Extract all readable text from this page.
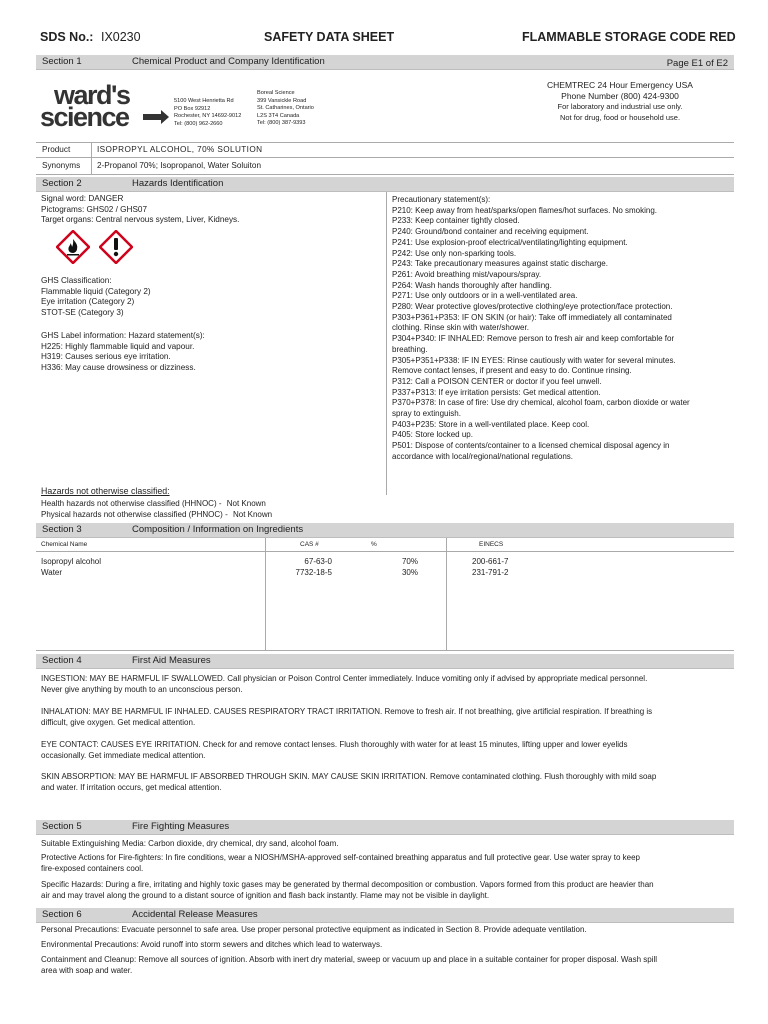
SDS No.: IX0230	SAFETY DATA SHEET	FLAMMABLE STORAGE CODE RED
Section 1	Chemical Product and Company Identification	Page E1 of E2
ward's
science
5100 West Henrietta Rd
PO Box 92912
Rochester, NY 14692-9012
Tel: (800) 962-2660
Boreal Science
399 Vansickle Road
St. Catharines, Ontario
L2S 3T4 Canada
Tel: (800) 387-9393
CHEMTREC 24 Hour Emergency USA
Phone Number (800) 424-9300
For laboratory and industrial use only.
Not for drug, food or household use.
Product	ISOPROPYL ALCOHOL, 70% SOLUTION
Synonyms 2-Propanol 70%; Isopropanol, Water Soluiton
Section 2	Hazards Identification
Signal word: DANGER
Pictograms: GHS02 / GHS07
Target organs: Central nervous system, Liver, Kidneys.
GHS Classification:
Flammable liquid (Category 2)
Eye irritation (Category 2)
STOT-SE (Category 3)
GHS Label information: Hazard statement(s):
H225: Highly flammable liquid and vapour.
H319: Causes serious eye irritation.
H336: May cause drowsiness or dizziness.
Precautionary statement(s):
P210: Keep away from heat/sparks/open flames/hot surfaces. No smoking.
P233: Keep container tightly closed.
P240: Ground/bond container and receiving equipment.
P241: Use explosion-proof electrical/ventilating/lighting equipment.
P242: Use only non-sparking tools.
P243: Take precautionary measures against static discharge.
P261: Avoid breathing mist/vapours/spray.
P264: Wash hands thoroughly after handling.
P271: Use only outdoors or in a well-ventilated area.
P280: Wear protective gloves/protective clothing/eye protection/face protection.
P303+P361+P353: IF ON SKIN (or hair): Take off immediately all contaminated
clothing. Rinse skin with water/shower.
P304+P340: IF INHALED: Remove person to fresh air and keep comfortable for
breathing.
P305+P351+P338: IF IN EYES: Rinse cautiously with water for several minutes.
Remove contact lenses, if present and easy to do. Continue rinsing.
P312: Call a POISON CENTER or doctor if you feel unwell.
P337+P313: If eye irritation persists: Get medical attention.
P370+P378: In case of fire: Use dry chemical, alcohol foam, carbon dioxide or water
spray to extinguish.
P403+P235: Store in a well-ventilated place. Keep cool.
P405: Store locked up.
P501: Dispose of contents/container to a licensed chemical disposal agency in
accordance with local/regional/national regulations.
Hazards not otherwise classified:
Health hazards not otherwise classified (HHNOC) - Not Known
Physical hazards not otherwise classified (PHNOC) - Not Known
Section 3	Composition / Information on Ingredients
Chemical Name	CAS #	%	EINECS
Isopropyl alcohol	67-63-0	70%	200-661-7
Water	7732-18-5	30%	231-791-2
Section 4	First Aid Measures
INGESTION: MAY BE HARMFUL IF SWALLOWED. Call physician or Poison Control Center immediately. Induce vomiting only if advised by appropriate medical personnel.
Never give anything by mouth to an unconscious person.
INHALATION: MAY BE HARMFUL IF INHALED. CAUSES RESPIRATORY TRACT IRRITATION. Remove to fresh air. If not breathing, give artificial respiration. If breathing is
difficult, give oxygen. Get medical attention.
EYE CONTACT: CAUSES EYE IRRITATION. Check for and remove contact lenses. Flush thoroughly with water for at least 15 minutes, lifting upper and lower eyelids
occasionally. Get immediate medical attention.
SKIN ABSORPTION: MAY BE HARMFUL IF ABSORBED THROUGH SKIN. MAY CAUSE SKIN IRRITATION. Remove contaminated clothing. Flush thoroughly with mild soap
and water. If irritation occurs, get medical attention.
Section 5	Fire Fighting Measures
Suitable Extinguishing Media: Carbon dioxide, dry chemical, dry sand, alcohol foam.
Protective Actions for Fire-fighters: In fire conditions, wear a NIOSH/MSHA-approved self-contained breathing apparatus and full protective gear. Use water spray to keep
fire-exposed containers cool.
Specific Hazards: During a fire, irritating and highly toxic gases may be generated by thermal decomposition or combustion. Vapors formed from this product are heavier than
air and may travel along the ground to a distant source of ignition and flash back instantly. Flame may not be visible in daylight.
Section 6	Accidental Release Measures
Personal Precautions: Evacuate personnel to safe area. Use proper personal protective equipment as indicated in Section 8. Provide adequate ventilation.
Environmental Precautions: Avoid runoff into storm sewers and ditches which lead to waterways.
Containment and Cleanup: Remove all sources of ignition. Absorb with inert dry material, sweep or vacuum up and place in a suitable container for proper disposal. Wash spill
area with soap and water.
